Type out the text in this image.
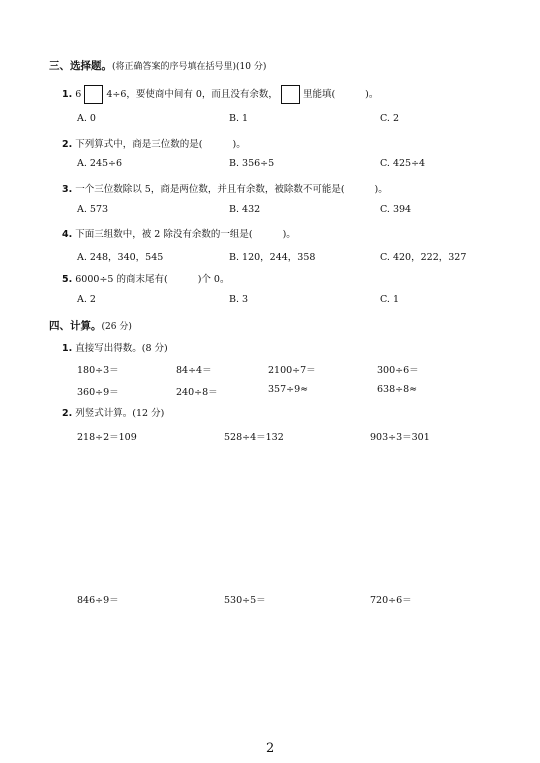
三、选择题。(将正确答案的序号填在括号里)(10 分)
1. 6	4÷6，要使商中间有 0，而且没有余数，	里能填(	)。
A. 0	B. 1	C. 2
2. 下列算式中，商是三位数的是(	)。
A. 245÷6	B. 356÷5	C. 425÷4
3. 一个三位数除以 5，商是两位数，并且有余数，被除数不可能是(	)。
A. 573	B. 432	C. 394
4. 下面三组数中，被 2 除没有余数的一组是(	)。
A. 248，340，545	B. 120，244，358	C. 420，222，327
5. 6000÷5 的商末尾有(	)个 0。
A. 2	B. 3	C. 1
四、计算。(26 分)
1. 直接写出得数。(8 分)
180÷3＝	84÷4＝	2100÷7＝	300÷6＝
360÷9＝	240÷8＝	357÷9≈	638÷8≈
2. 列竖式计算。(12 分)
218÷2＝109	528÷4＝132	903÷3＝301
846÷9＝	530÷5＝	720÷6＝
2
